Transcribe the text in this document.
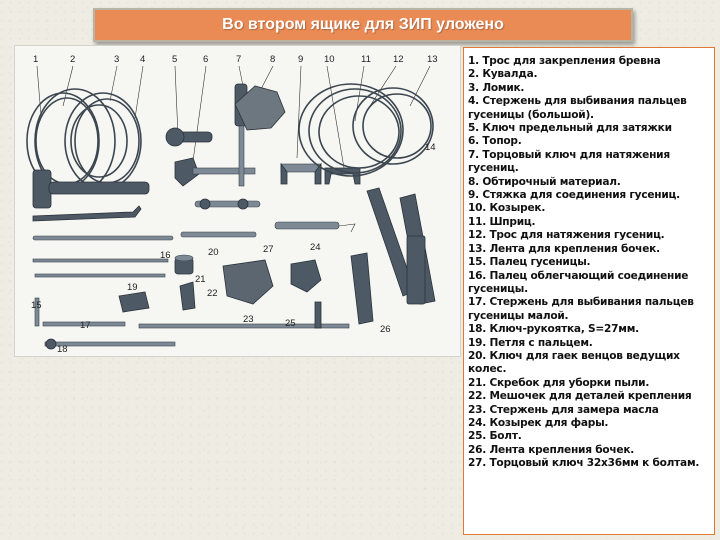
Во втором ящике для ЗИП уложено
1	2	3 4	5	6	7	8 9 10	11 12 13
14
15
16
17
18
19
20
21
22
23
24
25
26
27
1. Трос для закрепления бревна
2. Кувалда.
3. Ломик.
4. Стержень для выбивания пальцев гусеницы (большой).
5. Ключ предельный для затяжки
6. Топор.
7. Торцовый ключ для натяжения гусениц.
8. Обтирочный материал.
9. Стяжка для соединения гусениц.
10. Козырек.
11. Шприц.
12. Трос для натяжения гусениц.
13. Лента для крепления бочек.
15. Палец гусеницы.
16. Палец облегчающий соединение гусеницы.
17. Стержень для выбивания пальцев гусеницы малой.
18. Ключ-рукоятка, S=27мм.
19. Петля с пальцем.
20. Ключ для гаек венцов ведущих колес.
21. Скребок для уборки пыли.
22. Мешочек для деталей крепления
23. Стержень для замера масла
24. Козырек для фары.
25. Болт.
26. Лента крепления бочек.
27. Торцовый ключ 32х36мм к болтам.
